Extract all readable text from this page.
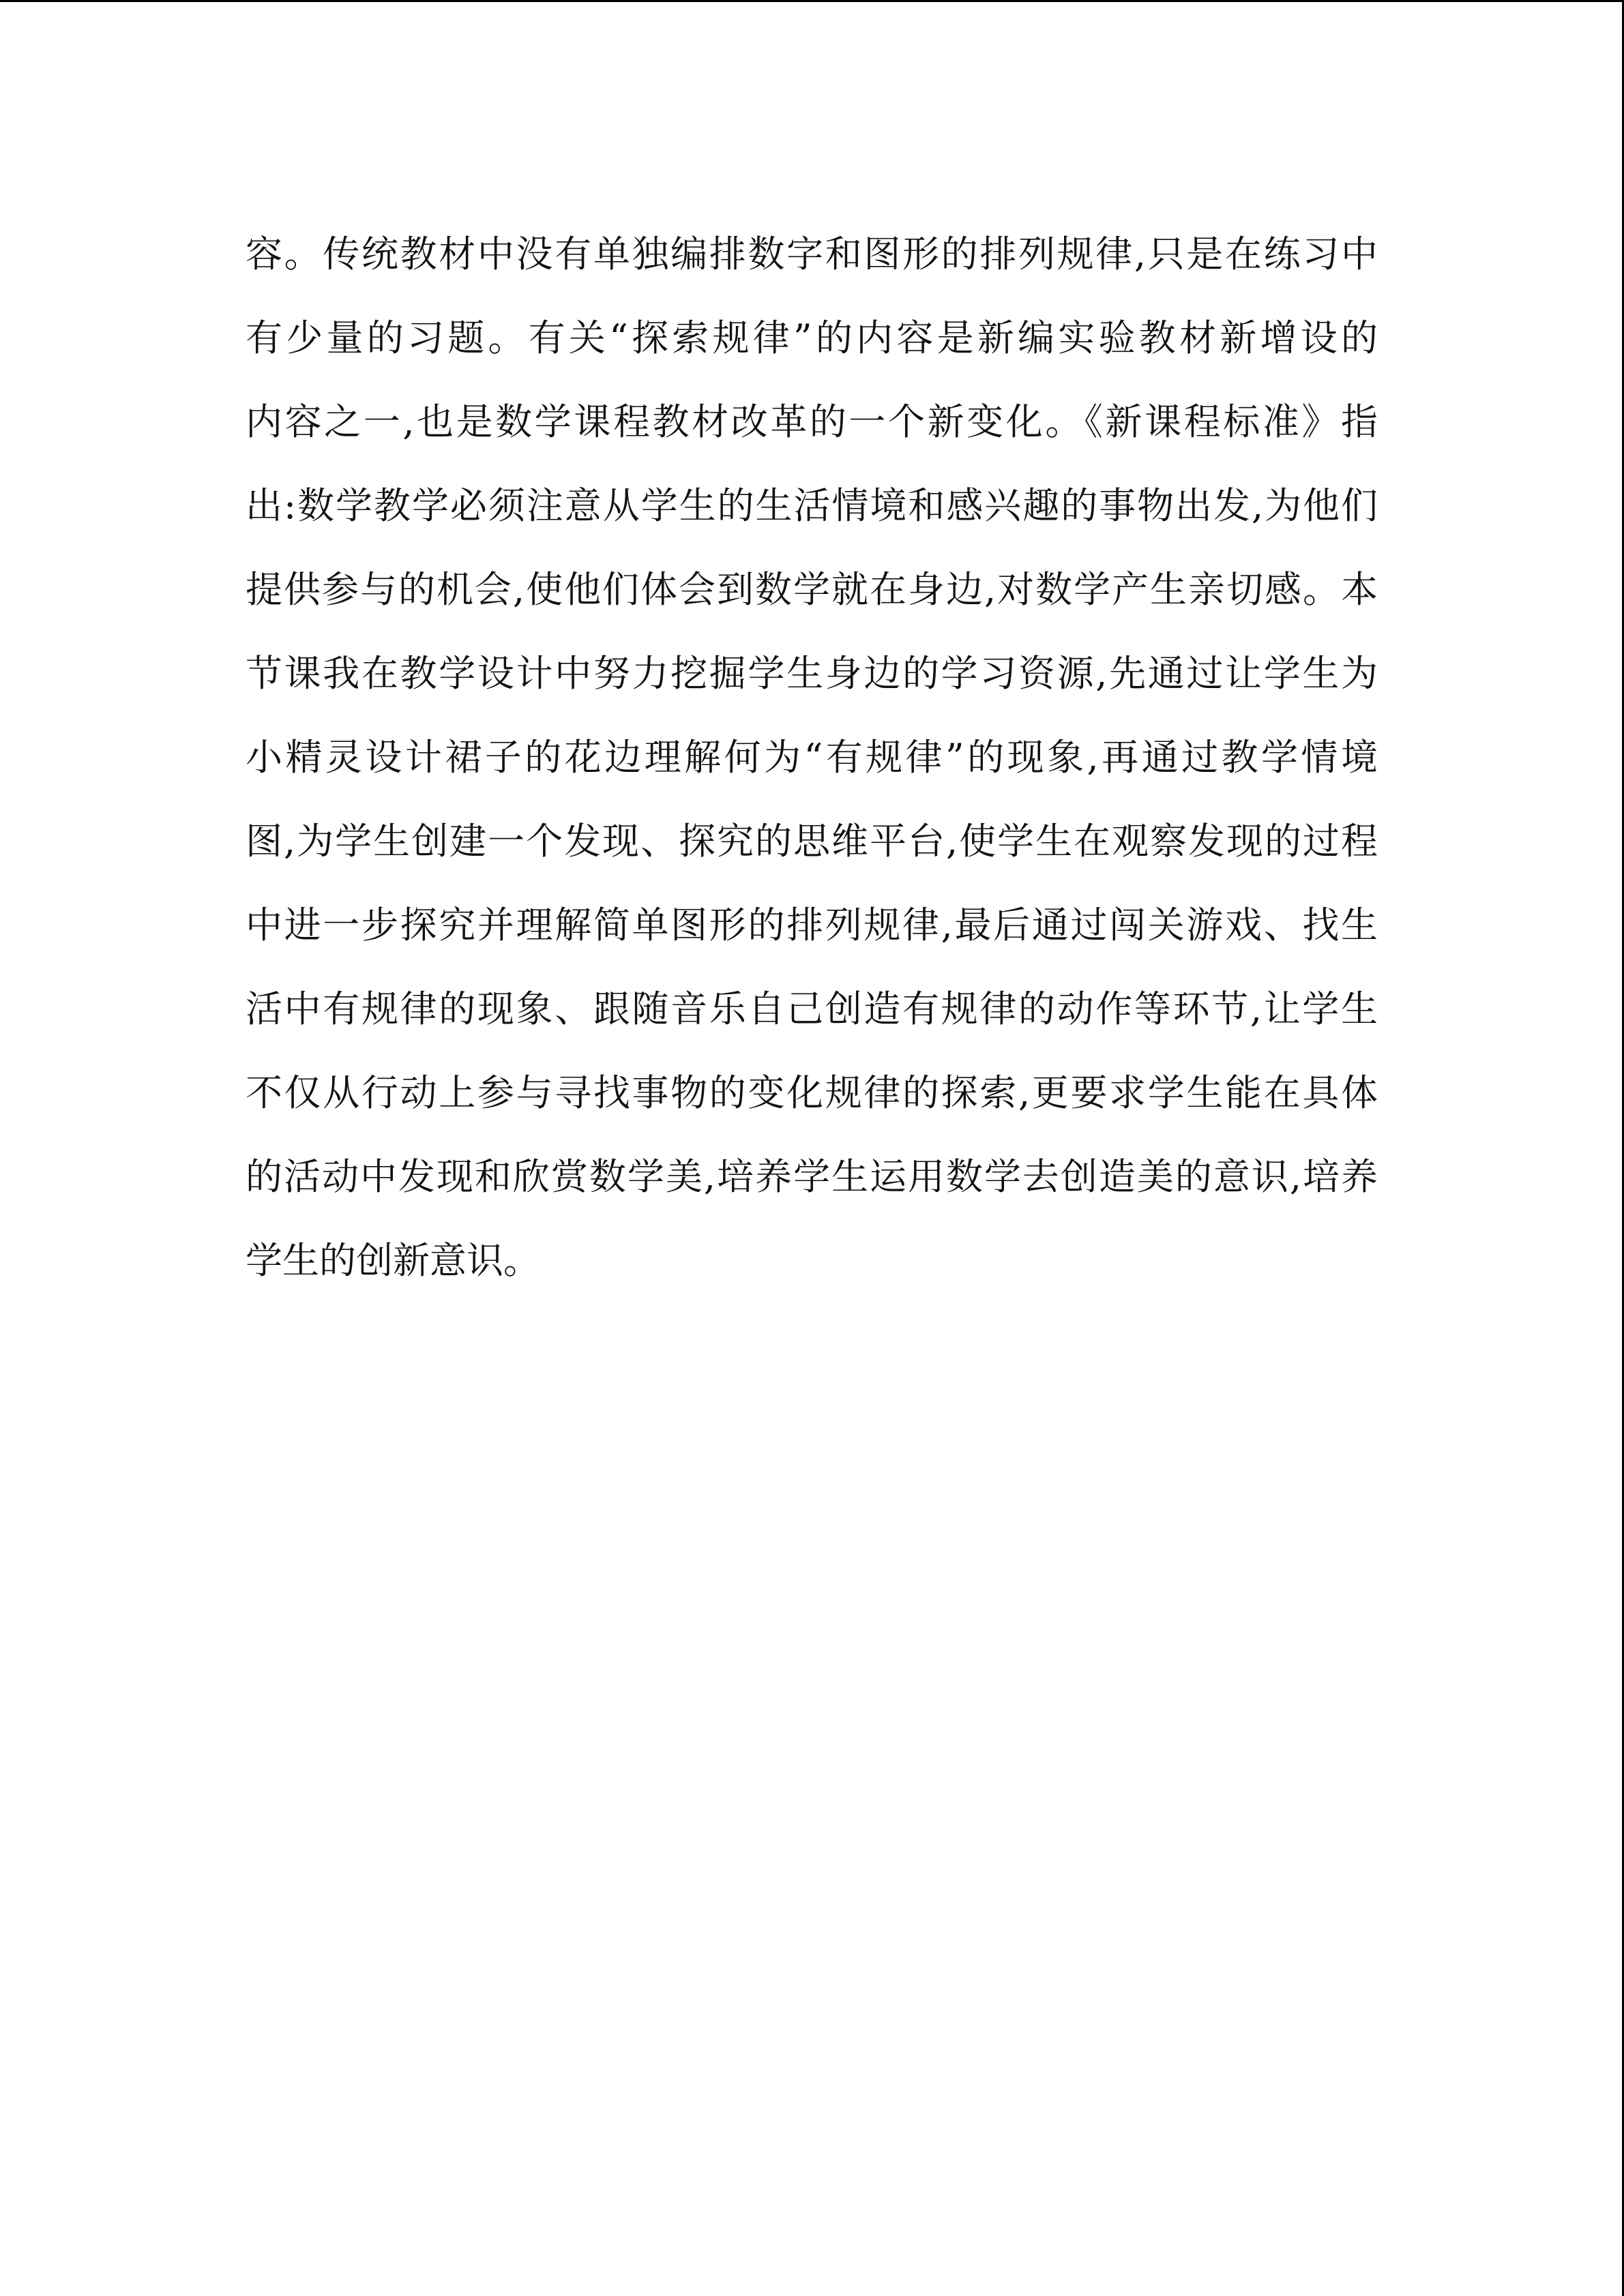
容。传统教材中没有单独编排数字和图形的排列规律,只是在练习中
有少量的习题。有关“探索规律”的内容是新编实验教材新增设的
内容之一,也是数学课程教材改革的一个新变化。《新课程标准》指
出:数学教学必须注意从学生的生活情境和感兴趣的事物出发,为他们
提供参与的机会,使他们体会到数学就在身边,对数学产生亲切感。本
节课我在教学设计中努力挖掘学生身边的学习资源,先通过让学生为
小精灵设计裙子的花边理解何为“有规律”的现象,再通过教学情境
图,为学生创建一个发现、探究的思维平台,使学生在观察发现的过程
中进一步探究并理解简单图形的排列规律,最后通过闯关游戏、找生
活中有规律的现象、跟随音乐自己创造有规律的动作等环节,让学生
不仅从行动上参与寻找事物的变化规律的探索,更要求学生能在具体
的活动中发现和欣赏数学美,培养学生运用数学去创造美的意识,培养
学生的创新意识。
